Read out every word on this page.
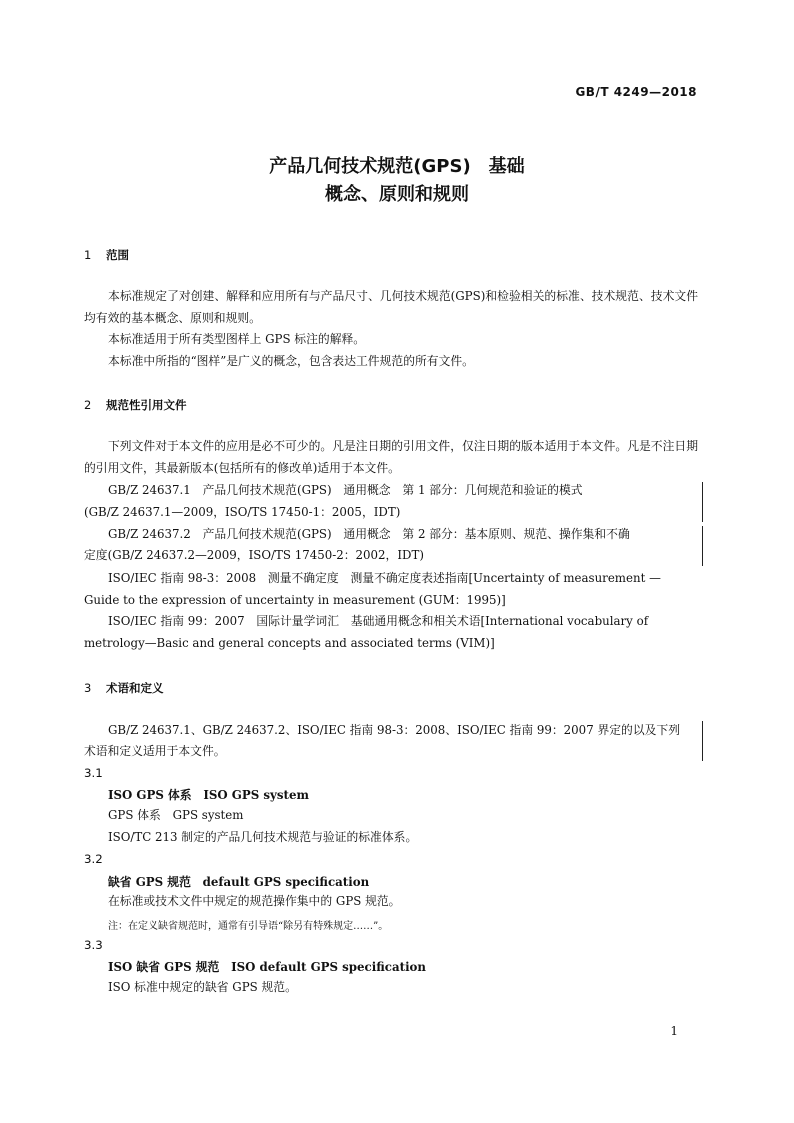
GB/T 4249—2018
产品几何技术规范(GPS)　基础
概念、原则和规则
1 范围
本标准规定了对创建、解释和应用所有与产品尺寸、几何技术规范(GPS)和检验相关的标准、技术规范、技术文件均有效的基本概念、原则和规则。
本标准适用于所有类型图样上 GPS 标注的解释。
本标准中所指的“图样”是广义的概念，包含表达工件规范的所有文件。
2 规范性引用文件
下列文件对于本文件的应用是必不可少的。凡是注日期的引用文件，仅注日期的版本适用于本文件。凡是不注日期的引用文件，其最新版本(包括所有的修改单)适用于本文件。
GB/Z 24637.1　产品几何技术规范(GPS)　通用概念　第 1 部分：几何规范和验证的模式
(GB/Z 24637.1—2009，ISO/TS 17450-1：2005，IDT)
GB/Z 24637.2　产品几何技术规范(GPS)　通用概念　第 2 部分：基本原则、规范、操作集和不确
定度(GB/Z 24637.2—2009，ISO/TS 17450-2：2002，IDT)
ISO/IEC 指南 98-3：2008　测量不确定度　测量不确定度表述指南[Uncertainty of measurement —
Guide to the expression of uncertainty in measurement (GUM：1995)]
ISO/IEC 指南 99：2007　国际计量学词汇　基础通用概念和相关术语[International vocabulary of
metrology—Basic and general concepts and associated terms (VIM)]
3 术语和定义
GB/Z 24637.1、GB/Z 24637.2、ISO/IEC 指南 98-3：2008、ISO/IEC 指南 99：2007 界定的以及下列
术语和定义适用于本文件。
3.1
ISO GPS 体系　ISO GPS system
GPS 体系　GPS system
ISO/TC 213 制定的产品几何技术规范与验证的标准体系。
3.2
缺省 GPS 规范　default GPS specification
在标准或技术文件中规定的规范操作集中的 GPS 规范。
注：在定义缺省规范时，通常有引导语“除另有特殊规定……”。
3.3
ISO 缺省 GPS 规范　ISO default GPS specification
ISO 标准中规定的缺省 GPS 规范。
1
